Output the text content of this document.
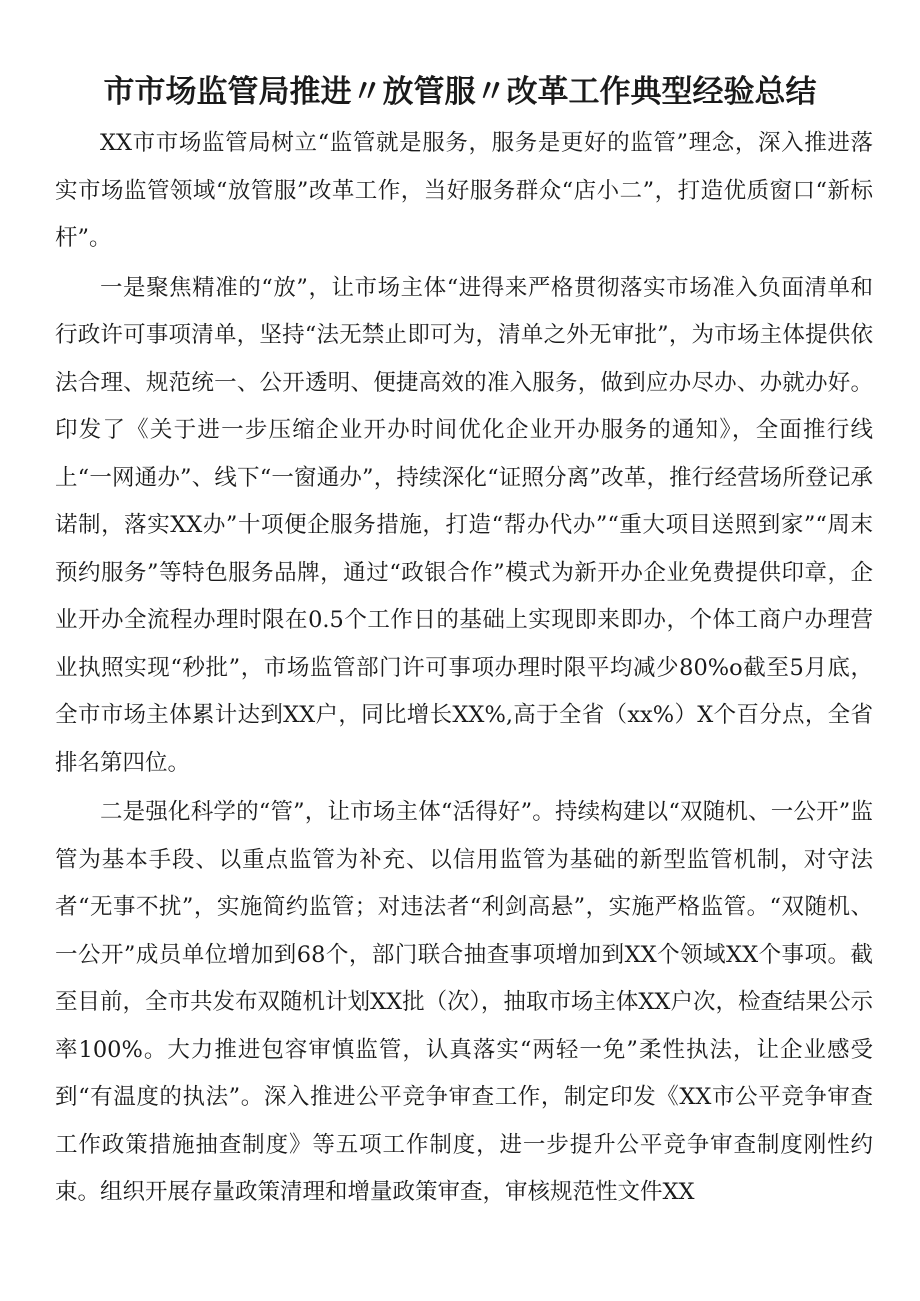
市市场监管局推进〃放管服〃改革工作典型经验总结

XX市市场监管局树立“监管就是服务，服务是更好的监管”理念，深入推进落实市场监管领域“放管服”改革工作，当好服务群众“店小二”，打造优质窗口“新标杆”。

一是聚焦精准的“放”，让市场主体“进得来严格贯彻落实市场准入负面清单和行政许可事项清单，坚持“法无禁止即可为，清单之外无审批”，为市场主体提供依法合理、规范统一、公开透明、便捷高效的准入服务，做到应办尽办、办就办好。印发了《关于进一步压缩企业开办时间优化企业开办服务的通知》，全面推行线上“一网通办”、线下“一窗通办”，持续深化“证照分离”改革，推行经营场所登记承诺制，落实XX办”十项便企服务措施，打造“帮办代办”“重大项目送照到家”“周末预约服务”等特色服务品牌，通过“政银合作”模式为新开办企业免费提供印章，企业开办全流程办理时限在0.5个工作日的基础上实现即来即办，个体工商户办理营业执照实现“秒批”，市场监管部门许可事项办理时限平均减少80%o截至5月底，全市市场主体累计达到XX户，同比增长XX%,高于全省（xx%）X个百分点，全省排名第四位。

二是强化科学的“管”，让市场主体“活得好”。持续构建以“双随机、一公开”监管为基本手段、以重点监管为补充、以信用监管为基础的新型监管机制，对守法者“无事不扰”，实施简约监管；对违法者“利剑高悬”，实施严格监管。“双随机、一公开”成员单位增加到68个，部门联合抽查事项增加到XX个领域XX个事项。截至目前，全市共发布双随机计划XX批（次），抽取市场主体XX户次，检查结果公示率100%。大力推进包容审慎监管，认真落实“两轻一免”柔性执法，让企业感受到“有温度的执法”。深入推进公平竞争审查工作，制定印发《XX市公平竞争审查工作政策措施抽查制度》等五项工作制度，进一步提升公平竞争审查制度刚性约束。组织开展存量政策清理和增量政策审查，审核规范性文件XX
